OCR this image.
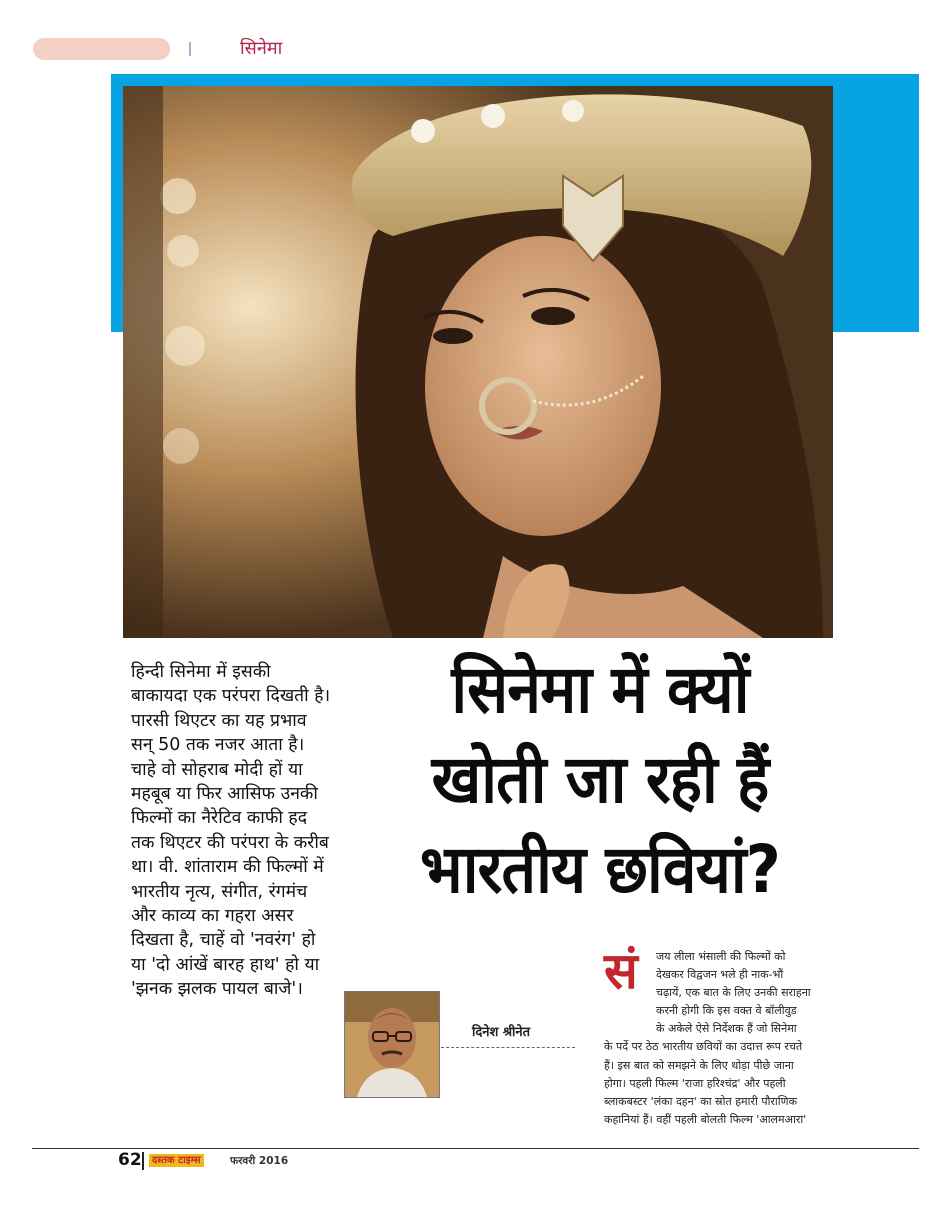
सिनेमा

हिन्दी सिनेमा में इसकी बाकायदा एक परंपरा दिखती है। पारसी थिएटर का यह प्रभाव सन् 50 तक नजर आता है। चाहे वो सोहराब मोदी हों या महबूब या फिर आसिफ उनकी फिल्मों का नैरेटिव काफी हद तक थिएटर की परंपरा के करीब था। वी. शांताराम की फिल्मों में भारतीय नृत्य, संगीत, रंगमंच और काव्य का गहरा असर दिखता है, चाहें वो 'नवरंग' हो या 'दो आंखें बारह हाथ' हो या 'झनक झलक पायल बाजे'।

सिनेमा में क्यों
खोती जा रही हैं
भारतीय छवियां?
दिनेश श्रीनेत
सं	जय लीला भंसाली की फिल्मों को
देखकर विद्वजन भले ही नाक-भौं
चढ़ायें, एक बात के लिए उनकी सराहना
करनी होगी कि इस वक्त वे बॉलीवुड
के अकेले ऐसे निर्देशक हैं जो सिनेमा
के पर्दे पर ठेठ भारतीय छवियों का उदात्त रूप रचते
हैं। इस बात को समझने के लिए थोड़ा पीछे जाना
होगा। पहली फिल्म 'राजा हरिश्चंद्र' और पहली
ब्लाकबस्टर 'लंका दहन' का स्रोत हमारी पौराणिक
कहानियां हैं। वहीं पहली बोलती फिल्म 'आलमआरा'
62	दस्तक टाइम्स	फरवरी 2016
